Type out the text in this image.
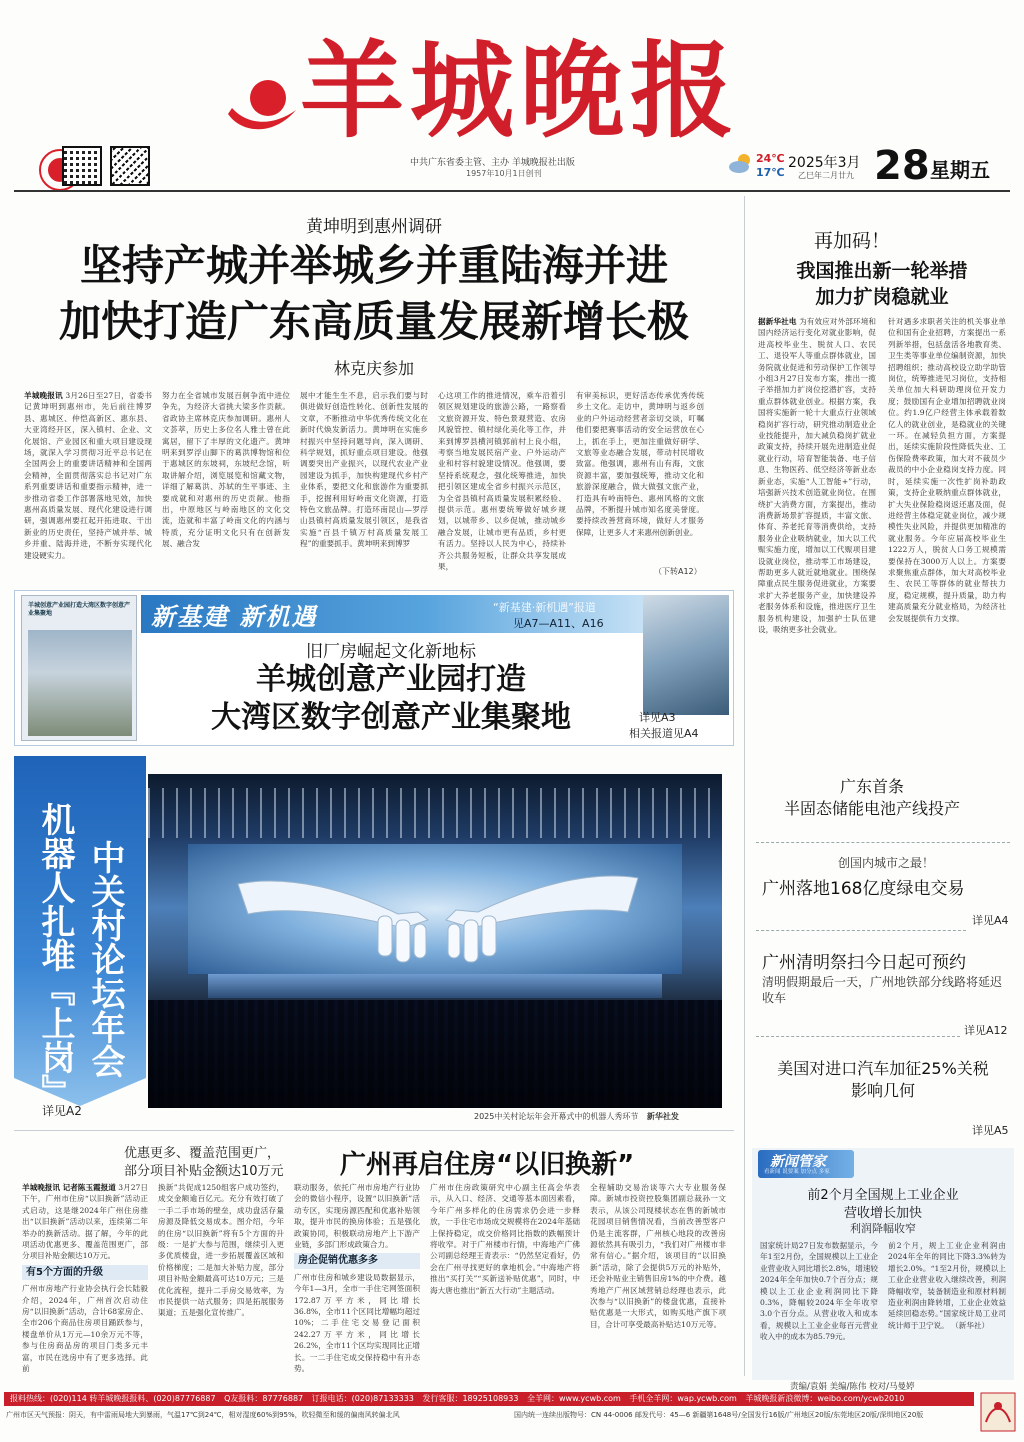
羊城晚报
中共广东省委主管、主办 羊城晚报社出版
1957年10月1日创刊
24℃
17℃
2025年3月
乙巳年二月廿九 28 星期五
黄坤明到惠州调研
坚持产城并举城乡并重陆海并进
加快打造广东高质量发展新增长极
林克庆参加
羊城晚报讯 3月26日至27日，省委书记黄坤明到惠州市，先后前往博罗县、惠城区、仲恺高新区、惠东县、大亚湾经开区，深入镇村、企业、文化展馆、产业园区和重大项目建设现场，就深入学习贯彻习近平总书记在全国两会上的重要讲话精神和全国两会精神，全面贯彻落实总书记对广东系列重要讲话和重要指示精神，进一步推动省委工作部署落地见效，加快惠州高质量发展、现代化建设进行调研，强调惠州要扛起开拓进取、干出新业的历史责任，坚持产城并举、城乡并重、陆海并进，不断夯实现代化建设硬实力。
努力在全省城市发展百舸争流中进位争先，为经济大省挑大梁多作贡献。省政协主席林克庆参加调研。惠州人文荟萃，历史上多位名人雅士曾在此寓居，留下了丰厚的文化遗产。黄坤明来到罗浮山脚下的葛洪博物馆和位于惠城区的东坡祠，东坡纪念馆，听取讲解介绍，浏览展览和馆藏文物，详细了解葛洪、苏轼的生平事迹、主要成就和对惠州的历史贡献。他指出，中原地区与岭南地区的文化交流，造就和丰富了岭南文化的内涵与特质，充分证明文化只有在创新发展、融合发
展中才能生生不息，启示我们要与时俱进做好创造性转化、创新性发展的文章，不断推动中华优秀传统文化在新时代焕发新活力。黄坤明在实施乡村振兴中坚持问题导向，深入调研、科学规划，抓好重点项目建设。他强调要突出产业振兴，以现代农业产业园建设为抓手，加快构建现代乡村产业体系，要把文化和旅游作为重要抓手，挖掘利用好岭南文化资源，打造特色文旅品牌。打造环南昆山—罗浮山县镇村高质量发展引领区，是我省实施“百县千镇万村高质量发展工程”的重要抓手。黄坤明来到博罗
心这项工作的推进情况，乘车沿着引领区规划建设的旅游公路，一路察看文旅资源开发、特色景观营造、农房风貌管控、镇村绿化美化等工作，并来到博罗县横河镇郭前村上良小组，考察当地发展民宿产业、户外运动产业和村容村貌建设情况。他强调，要坚持系统观念，强化统筹推进，加快把引领区建成全省乡村振兴示范区，为全省县镇村高质量发展积累经验、提供示范。惠州要统筹做好城乡规划，以城带乡、以乡促城，推动城乡融合发展，让城市更有品质，乡村更有活力。坚持以人民为中心，持续补齐公共服务短板，让群众共享发展成果，
有审美标识，更好活态传承优秀传统乡土文化。走访中，黄坤明与返乡创业的户外运动经营者亲切交谈，叮嘱他们要把赛事活动的安全运营放在心上，抓在手上，更加注重做好研学、文旅等业态融合发展，带动村民增收致富。他强调，惠州有山有海，文旅资源丰富，要加强统筹，推动文化和旅游深度融合，做大做强文旅产业，打造具有岭南特色、惠州风格的文旅品牌，不断提升城市知名度美誉度。要持续改善营商环境，做好人才服务保障，让更多人才来惠州创新创业。
（下转A12）
再加码！
我国推出新一轮举措
加力扩岗稳就业
据新华社电 为有效应对外部环境和国内经济运行变化对就业影响，促进高校毕业生、脱贫人口、农民工、退役军人等重点群体就业，国务院就业促进和劳动保护工作领导小组3月27日发布方案，推出一揽子举措加力扩岗位挖潜扩容，支持重点群体就业创业。根据方案，我国将实施新一轮十大重点行业领域稳岗扩容行动，研究推动制造业企业技能提升，加大减负稳岗扩就业政策支持，持续开展先进制造业促就业行动，培育智能装备、电子信息、生物医药、低空经济等新业态新业态，实施“人工智能+”行动，培强新兴技术创造就业岗位。在围绕扩大消费方面，方案提出，推动消费新场景扩容提质，丰富文旅、体育、养老托育等消费供给，支持服务业企业吸纳就业，加大以工代赈实施力度，增加以工代赈项目建设就业岗位，推动零工市场建设，帮助更多人就近就地就业。围绕保障重点民生服务促进就业，方案要求扩大养老服务产业，加快建设养老服务体系和设施，推进医疗卫生服务机构建设，加强护士队伍建设，吸纳更多社会就业。
针对遇多求职者关注的机关事业单位和国有企业招聘，方案提出一系列新举措，包括盘活各地教育类、卫生类等事业单位编制资源，加快招聘组织；推动高校设立助学助管岗位，统筹推进见习岗位，支持相关单位加大科研助理岗位开发力度；鼓励国有企业增加招聘就业岗位。约1.9亿户经营主体承载着数亿人的就业创业，是稳就业的关键一环。在减轻负担方面，方案提出，延续实施阶段性降低失业、工伤保险费率政策，加大对不裁员少裁员的中小企业稳岗支持力度。同时，延续实施一次性扩岗补助政策，支持企业吸纳重点群体就业，扩大失业保险稳岗返还惠及面，促进经营主体稳定就业岗位，减少规模性失业风险，并提供更加精准的就业服务。今年应届高校毕业生1222万人，脱贫人口务工规模需要保持在3000万人以上。方案要求聚焦重点群体，加大对高校毕业生、农民工等群体的就业帮扶力度，稳定规模，提升质量，助力构建高质量充分就业格局，为经济社会发展提供有力支撑。
羊城创意产业园打造大湾区数字创意产业集聚地	新基建 新机遇	“新基建·新机遇”报道
见A7—A11、A16
旧厂房崛起文化新地标
羊城创意产业园打造
大湾区数字创意产业集聚地	详见A3
相关报道见A4
机器人扎堆『上岗』 中关村论坛年会
详见A2	2025中关村论坛年会开幕式中的机器人秀环节 新华社发
广东首条
半固态储能电池产线投产
创国内城市之最！
广州落地168亿度绿电交易
详见A4
广州清明祭扫今日起可预约
清明假期最后一天，广州地铁部分线路将延迟收车
详见A12
美国对进口汽车加征25%关税
影响几何
详见A5
优惠更多、覆盖范围更广，
部分项目补贴金额达10万元 广州再启住房“以旧换新”
羊城晚报讯 记者陈玉霞报道 3月27日下午，广州市住房“以旧换新”活动正式启动，这是继2024年广州住房推出“以旧换新”活动以来，连续第二年举办的换新活动。据了解，今年的此项活动优惠更多、覆盖范围更广，部分项目补贴金额达10万元。
有5个方面的升级
广州市房地产行业协会执行会长陆毅介绍，2024年，广州首次启动住房“以旧换新”活动，合计68家房企、全市206个商品住房项目踊跃参与，楼盘单价从1万元—10余万元不等，参与住房商品房的项目门类多元丰富，市民在选房中有了更多选择。此前
换新”共促成1250组客户成功签约，成交金额逾百亿元。充分有效打破了一手二手市场的壁垒，成功盘活存量房源及降低交易成本。图介绍，今年的住房“以旧换新”将有5个方面的升级：一是扩大参与范围，继续引入更多优质楼盘，进一步拓展覆盖区域和价格梯度；二是加大补贴力度，部分项目补贴金额最高可达10万元；三是优化流程，提升二手房交易效率，为市民提供一站式服务；四是拓展服务渠道；五是强化宣传推广。
联动服务，依托广州市房地产行业协会的微信小程序，设置“以旧换新”活动专区，实现房源匹配和优惠补贴领取，提升市民的换房体验；五是强化政策协同，积极联动房地产上下游产业链，多部门形成政策合力。
房企促销优惠多多
广州市住房和城乡建设局数据显示，今年1—3月，全市一手住宅网签面积172.87万平方米，同比增长36.8%，全市11个区同比增幅均超过10%；二手住宅交易登记面积242.27万平方米，同比增长26.2%，全市11个区均实现同比正增长。一二手住宅成交保持稳中有升态势。
广州市住房政策研究中心副主任高会华表示，从入口、经济、交通等基本面因素看，今年广州多样化的住房需求仍会进一步释放，一手住宅市场成交规模将在2024年基础上保持稳定，成交价格同比指数的跌幅预计将收窄。对于广州楼市行情，中海地产广佛公司副总经理王青表示：“仍然坚定看好，仍会在广州寻找更好的拿地机会。”中海地产将推出“买打关”“买新送补贴优惠”，同时，中海大唐也推出“新五大行动”主题活动。
全程辅助交易治谈等六大专业服务保障。新城市投资控股集团副总裁孙一文表示，从该公司现楼状态在售的新城市花园项目销售情况看，当前改善型客户仍是主流客群，广州核心地段的改善房源依然具有吸引力，“我们对广州楼市非常有信心。”据介绍，该项目的“以旧换新”活动，除了会提供5万元的补贴外，还会补贴业主销售旧房1%的中介费。越秀地产广州区域营销总经理也表示，此次参与“以旧换新”的楼盘优惠，直接补贴优惠是一大形式，如购买地产旗下项目，合计可享受最高补贴达10万元等。
新闻管家
看新闻 说要案 加分点 多家
前2个月全国规上工业企业
营收增长加快
利润降幅收窄
国家统计局27日发布数据显示，今年1至2月份，全国规模以上工业企业营业收入同比增长2.8%，增速较2024年全年加快0.7个百分点；规模以上工业企业利润同比下降0.3%，降幅较2024年全年收窄3.0个百分点。从营业收入和成本看，规模以上工业企业每百元营业收入中的成本为85.79元。
前2个月，规上工业企业利润由2024年全年的同比下降3.3%转为增长2.0%。“1至2月份，规模以上工业企业营业收入继续改善，利润降幅收窄，装备制造业和原材料制造业利润由降转增，工业企业效益延续回稳态势。”国家统计局工业司统计师于卫宁说。 （新华社）
责编/袁娟 美编/陈伟 校对/马曼婷
报料热线：(020)114 转羊城晚报报料、(020)87776887 Q友报料：87776887 订报电话：(020)87133333 发行客服：18925108933 全羊网：www.ycwb.com 手机全羊网：wap.ycwb.com 羊城晚报新浪微博：weibo.com/ycwb2010
广州市区天气预报：阴天，有中雷雨局地大到暴雨，气温17℃到24℃，相对湿度60%到95%，吹轻微至和缓的偏南风转偏北风	国内统一连续出版物号：CN 44-0006 邮发代号：45—6 新疆第1648号/全国发行16版/广州地区20版/东莞地区20版/深圳地区20版
